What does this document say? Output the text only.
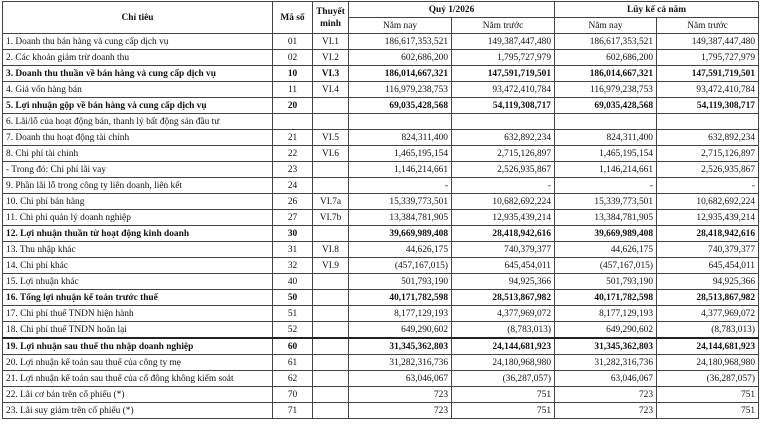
Chỉ tiêu	Mã số	Thuyết minh	Quý 1/2026		Lũy kế cả năm	
			Năm nay	Năm trước	Năm nay	Năm trước
1. Doanh thu bán hàng và cung cấp dịch vụ	01	VI.1	186,617,353,521	149,387,447,480	186,617,353,521	149,387,447,480
2. Các khoản giảm trừ doanh thu	02	VI.2	602,686,200	1,795,727,979	602,686,200	1,795,727,979
3. Doanh thu thuần về bán hàng và cung cấp dịch vụ	10	VI.3	186,014,667,321	147,591,719,501	186,014,667,321	147,591,719,501
4. Giá vốn hàng bán	11	VI.4	116,979,238,753	93,472,410,784	116,979,238,753	93,472,410,784
5. Lợi nhuận gộp về bán hàng và cung cấp dịch vụ	20		69,035,428,568	54,119,308,717	69,035,428,568	54,119,308,717
6. Lãi/lỗ của hoạt động bán, thanh lý bất động sản đầu tư						
7. Doanh thu hoạt động tài chính	21	VI.5	824,311,400	632,892,234	824,311,400	632,892,234
8. Chi phí tài chính	22	VI.6	1,465,195,154	2,715,126,897	1,465,195,154	2,715,126,897
- Trong đó: Chi phí lãi vay	23		1,146,214,661	2,526,935,867	1,146,214,661	2,526,935,867
9. Phần lãi lỗ trong công ty liên doanh, liên kết	24		-	-	-	-
10. Chi phí bán hàng	26	VI.7a	15,339,773,501	10,682,692,224	15,339,773,501	10,682,692,224
11. Chi phí quản lý doanh nghiệp	27	VI.7b	13,384,781,905	12,935,439,214	13,384,781,905	12,935,439,214
12. Lợi nhuận thuần từ hoạt động kinh doanh	30		39,669,989,408	28,418,942,616	39,669,989,408	28,418,942,616
13. Thu nhập khác	31	VI.8	44,626,175	740,379,377	44,626,175	740,379,377
14. Chi phí khác	32	VI.9	(457,167,015)	645,454,011	(457,167,015)	645,454,011
15. Lợi nhuận khác	40		501,793,190	94,925,366	501,793,190	94,925,366
16. Tổng lợi nhuận kế toán trước thuế	50		40,171,782,598	28,513,867,982	40,171,782,598	28,513,867,982
17. Chi phí thuế TNDN hiện hành	51		8,177,129,193	4,377,969,072	8,177,129,193	4,377,969,072
18. Chi phí thuế TNDN hoãn lại	52		649,290,602	(8,783,013)	649,290,602	(8,783,013)
19. Lợi nhuận sau thuế thu nhập doanh nghiệp	60		31,345,362,803	24,144,681,923	31,345,362,803	24,144,681,923
20. Lợi nhuận kế toán sau thuế của công ty mẹ	61		31,282,316,736	24,180,968,980	31,282,316,736	24,180,968,980
21. Lợi nhuận kế toán sau thuế của cổ đông không kiểm soát	62		63,046,067	(36,287,057)	63,046,067	(36,287,057)
22. Lãi cơ bản trên cổ phiếu (*)	70		723	751	723	751
23. Lãi suy giảm trên cổ phiếu (*)	71		723	751	723	751
